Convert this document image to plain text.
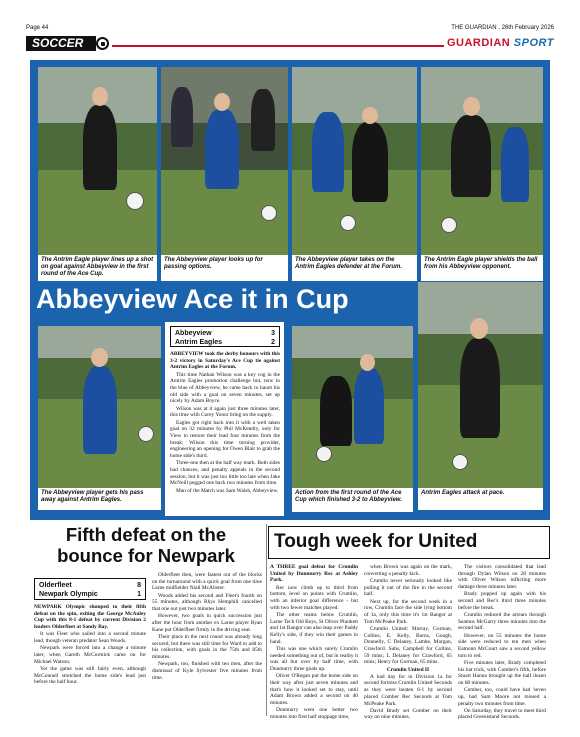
Page 44	THE GUARDIAN , 26th February 2026
SOCCER	GUARDIAN SPORT
The Antrim Eagle player lines up a shot on goal against Abbeyview in the first round of the Ace Cup.
The Abbeyview player looks up for passing options.
The Abbeyview player takes on the Antrim Eagles defender at the Forum.
The Antrim Eagle player shields the ball from his Abbeyview opponent.
Abbeyview Ace it in Cup
The Abbeyview player gets his pass away against Antrim Eagles.
Abbeyview	3
Antrim Eagles	2

ABBEYVIEW took the derby honours with this 3-2 victory in Saturday's Ace Cup tie against Antrim Eagles at the Forum.

This time Nathan Wilson was a key cog in the Antrim Eagles promotion challenge but, now in the blue of Abbeyview, he came back to haunt his old side with a goal on seven minutes, set up nicely by Adam Boyce.

Wilson was at it again just three minutes later, this time with Corey Yonor bring on the supply.

Eagles got right back into it with a well taken goal on 32 minutes by Phil McKendry, only for View to restore their lead four minutes from the break; Wilson this time turning provider, engineering an opening for Owen Blair to grab the home side's third.

Three-one then at the half way mark. Both sides had chances, and penalty appeals in the second session, but it was just too little too late when Jake McNeill pegged one back two minutes from time.

Man of the Match was Sam Walsh, Abbeyview.	Action from the first round of the Ace Cup which finished 3-2 to Abbeyview.
Antrim Eagles attack at pace.
Fifth defeat on the
bounce for Newpark
Olderfleet	8
Newpark Olympic	1

NEWPARK Olympic slumped to their fifth defeat on the spin, exiting the George McAuley Cup with this 8-1 defeat by current Division 2 leaders Olderfleet at Sandy Bay.

It was Fleet who sailed into a second minute lead, though veteran predator Sean Woods.

Newpark were forced into a change a minute later, when Gareth McCormick came on for Michael Watson.

Yet the game was still fairly even, although McConnell stretched the home side's lead just before the half hour.

Olderfleet then, were fastest out of the blocks on the turnaround with a quick goal from one time Larne midfielder Niall McAlister.

Woods added his second and Fleet's fourth on 55 minutes, although Rhys Hemphill cancelled that one out just two minutes later.

However, two goals in quick succession just after the hour from another ex Larne player Ryan Kane put Olderfleet firmly in the driving seat.

Their place in the next round was already long secured, but there was still time for Ward to add to his collection, with goals in the 75th and 85th minutes.

Newpark, too, finished with ten men, after the dismissal of Kyle Sylvester five minutes from time.

Tough week for United

A THREE goal defeat for Crumlin United by Dunmurry Rec at Ashley Park.

Rec now climb up to third from bottom, level on points with Crumlin, with an inferior goal difference - but with two fewer matches played.

The other teams below Crumlin, Larne Tech Old Boys, St Oliver Plunkett and 1st Bangor can also leap over Paddy Kelly's side, if they win their games in hand.

This was one which surely Crumlin needed something out of, but in reality it was all but over by half time, with Dunmurry three goals up.

Oliver O'Regan put the home side on their way after just seven minutes and that's how it looked set to stay, until Adam Brown added a second on 40 minutes.

Dunmurry went one better two minutes into first half stoppage time,

when Brown was again on the mark, converting a penalty kick.

Crumlin never seriously looked like pulling it out of the fire in the second half.

Next up, for the second week in a row, Crumlin face the side lying bottom of 1a, only this time it's 1st Bangor at Tom McPeake Park.

Crumlin United: Murray, Gorman, Collins, E. Kelly, Burns, Gough, Donnelly, C Delaney, Lambe, Morgan, Crawford. Subs, Campbell for Collins, 59 mins; L Delaney for Crawford, 65 mins; Henry for Gorman, 65 mins.

Crumlin United II

A bad day for in Division 1a for second fortress Crumlin United Seconds as they were beaten 6-1 by second placed Comber Rec Seconds at Tom McPeake Park.

David Brady set Comber on their way on nine minutes.

The visitors consolidated that lead through Dylan Wilson on 28 minutes with Oliver Wilson inflicting more damage three minutes later.

Brady popped up again with his second and Rec's third three minutes before the break.

Crumlin reduced the arrears through Seamus McGarry three minutes into the second half.

However, on 55 minutes the home side were reduced to ten men when Eamonn McCourt saw a second yellow turn to red.

Five minutes later, Brady completed his hat trick, with Comber's fifth, before Stuart Hanna brought up the half dozen on 68 minutes.

Comber, too, could have had 'seven up, had Sam Moore not missed a penalty two minutes from time.

On Saturday, they travel to meet third placed Greenisland Seconds.
